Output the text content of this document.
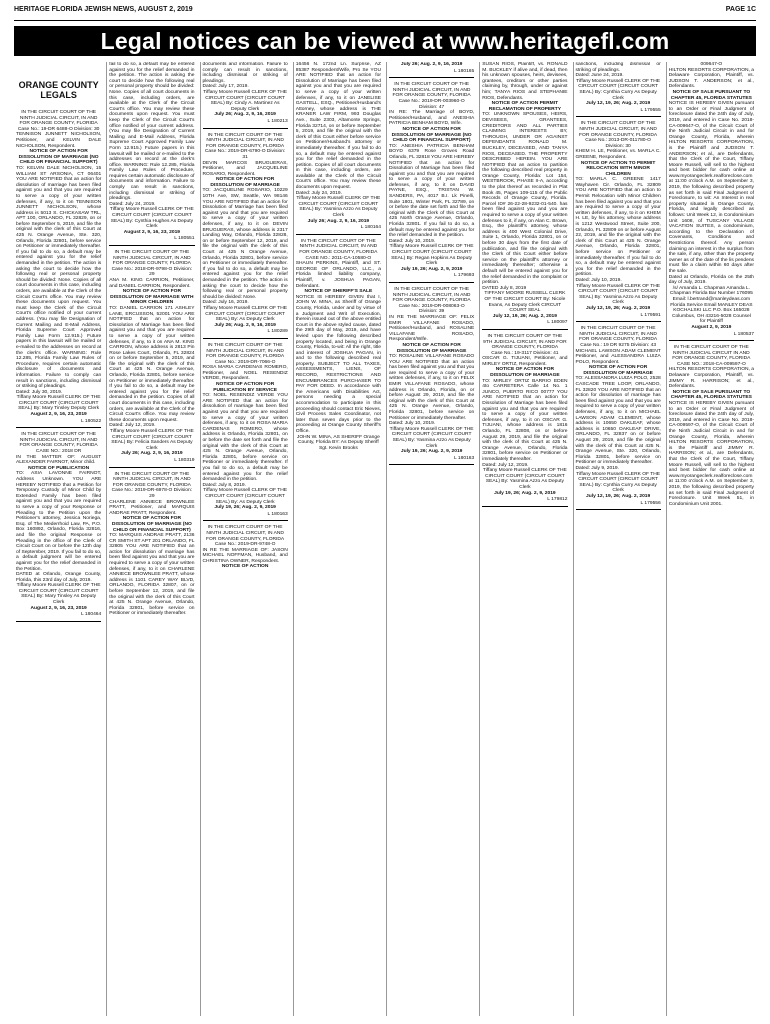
HERITAGE FLORIDA JEWISH NEWS, AUGUST 2, 2019	PAGE 1C
Legal notices can be viewed at www.heritagefl.com
ORANGE COUNTY LEGALS

IN THE CIRCUIT COURT OF THE NINTH JUDICIAL CIRCUIT, IN AND FOR ORANGE COUNTY, FLORIDA

Case No.: 19-DR 6488-O Division: 30

TENNISON JUNNETT NICHOLSON, Petitioner, and KELVIN DALE NICHOLSON, Respondent.

NOTICE OF ACTION FOR DISSOLUTION OF MARRIAGE (NO CHILD OR FINANCIAL SUPPORT)

TO: KELVIN DALE NICHOLSON, 15 WILLIAM ST ARSONIA, CT 06401 YOU ARE NOTIFIED that an action for dissolution of marriage has been filed against you and that you are required to serve a copy of your written defenses, if any, to it on TENNISON JUNNETT NICHOLSON, whose address is 5013 S. CHICKASAW TRL, APT 100, ORLANDO, FL 32829, on or before September 5, 2019, and file the original with the clerk of this Court at 425 N. Orange Avenue, Ste. 320, Orlando, Florida 32801, before service on Petitioner or immediately thereafter. If you fail to do so, a default may be entered against you for the relief demanded in the petition. The action is asking the court to decide how the following real or personal property should be divided: None. Copies of all court documents in this case, including orders, are available at the Clerk of the Circuit Court's office. You may review these documents upon request. You must keep the Clerk of the Circuit Court's office notified of your current address. (You may file Designation of Current Mailing and E-Mail Address, Florida Supreme Court Approved Family Law Form 12.915.) Future papers in this lawsuit will be mailed or e-mailed to the addresses on record at the clerk's office. WARNING: Rule 12.285, Florida Family Law Rules of Procedure, requires certain automatic disclosure of documents and information. Failure to comply can result in sanctions, including dismissal or striking of pleadings.

Dated: July 30, 2019.

Tiffany Moore Russell CLERK OF THE CIRCUIT COURT (CIRCUIT COURT SEAL) By: Mary Tinsley Deputy Clerk

August 2, 9, 16, 23, 2019

L 180522

IN THE CIRCUIT COURT OF THE NINTH JUDICIAL CIRCUIT, IN AND FOR ORANGE COUNTY, FLORIDA

CASE NO.: 2018 DR

IN THE MATTER OF: AUGUST ALEXANDER FAIRNOT, Minor child.

NOTICE OF PUBLICATION

TO: ASIA LAVONNE FAIRNOT, Address Unknown. YOU ARE HEREBY NOTIFIED that a Petition for Temporary Custody of Minor Child by Extended Family has been filed against you and that you are required to serve a copy of your Response or Pleading to the Petition upon the Petitioner's attorney, Jessica Noriega, Esq. of The Mederrhoid Law, PA, P.O. Box 160892, Orlando, Florida 32816, and file the original Response or Pleading in the office of the Clerk of Circuit Court on or before the 12th day of September, 2019. If you fail to do so, a default judgment will be entered against you for the relief demanded in the Petition.

DATED at Orlando, Orange County, Florida, this 23rd day of July, 2019.

Tiffany Moore Russell CLERK OF THE CIRCUIT COURT (CIRCUIT COURT SEAL) By: Mary Tinsley As Deputy Clerk

August 2, 9, 16, 23, 2019

L 180464

fail to do so, a default may be entered against you for the relief demanded in the petition. The action is asking the court to decide how the following real or personal property should be divided: None. Copies of all court documents in this case, including orders, are available at the Clerk of the Circuit Court's office. You may review these documents upon request. You must keep the Clerk of the Circuit Court's office notified of your current address. (You may file Designation of Current Mailing and E-Mail Address, Florida Supreme Court Approved Family Law Form 12.915.) Future papers in this lawsuit will be mailed or e-mailed to the addresses on record at the clerk's office. WARNING: Rule 12.285, Florida Family Law Rules of Procedure, requires certain automatic disclosure of documents and information. Failure to comply can result in sanctions, including dismissal or striking of pleadings.

Dated: July 24, 2019.

Tiffany Moore Russell CLERK OF THE CIRCUIT COURT (CIRCUIT COURT SEAL) By: Cynthia Hughes As Deputy Clerk

August 2, 9, 16, 23, 2019

L 180551

IN THE CIRCUIT COURT OF THE NINTH JUDICIAL CIRCUIT, IN AND FOR ORANGE COUNTY, FLORIDA

Case No.: 2018-DR-9798-O Division: 29

ANA M. KING CARRION, Petitioner, and DANIEL CARRION, Respondent.

NOTICE OF ACTION FOR DISSOLUTION OF MARRIAGE WITH MINOR CHILDREN

TO: DANIEL CARRION 171 ASHLEY LANE, ERCUSSON, 52001 YOU ARE NOTIFIED that an action for Dissolution of Marriage has been filed against you and that you are required to serve a copy of your written defenses, if any, to it on ANA M. KING CARRION, whose address is 2813 Pin Rose Lakes Court, Orlando, FL 32824 on or before September 5, 2019, and file the original with the clerk of this Court at 425 N. Orange Avenue, Orlando, Florida 32801, before service on Petitioner or immediately thereafter. If you fail to do so, a default may be entered against you for the relief demanded in the petition. Copies of all court documents in this case, including orders, are available at the Clerk of the Circuit Court's office. You may review these documents upon request.

Dated: July 12, 2019.

Tiffany Moore Russell CLERK OF THE CIRCUIT COURT (CIRCUIT COURT SEAL) By: Felicia Sanders As Deputy Clerk

July 26; Aug. 2, 9, 16, 2019

L 180319

IN THE CIRCUIT COURT OF THE NINTH JUDICIAL CIRCUIT, IN AND FOR ORANGE COUNTY, FLORIDA

Case No.: 2019-DR-6978-O Division: 29

CHARLENE ANNIECE BROWNLEE PRATT, Petitioner, and MARQUIS ANDRAE PRATT, Respondent.

NOTICE OF ACTION FOR DISSOLUTION OF MARRIAGE (NO CHILD OR FINANCIAL SUPPORT)

TO: MARQUIS ANDRAE PRATT, 2136 CR SMITH ST APT 201 ORLANDO, FL 32805 YOU ARE NOTIFIED that an action for dissolution of marriage has been filed against you and that you are required to serve a copy of your written defenses, if any, to it on CHARLENE ANNIECE BROWNLEE PRATT, whose address is 1101 CAREY WAY BLVD, ORLANDO, FLORIDA 32807, on or before September 12, 2019, and file the original with the clerk of this Court at 425 N. Orange Avenue, Orlando, Florida 32801, before service on Petitioner or immediately thereafter.

documents and information. Failure to comply can result in sanctions, including dismissal or striking of pleadings.

Dated: July 17, 2019.

Tiffany Moore Russell CLERK OF THE CIRCUIT COURT (CIRCUIT COURT SEAL) By: Cindy A. Martinez As Deputy Clerk

July 26; Aug. 2, 9, 16, 2019

L 180213

IN THE CIRCUIT COURT OF THE NINTH JUDICIAL CIRCUIT, IN AND FOR ORANGE COUNTY, FLORIDA

Case No.: 2019-DR-6790-O Division: 31

DEVIN MARCOS BRUGUERAS, Petitioner, and JACQUELINE ROSARIO, Respondent.

NOTICE OF ACTION FOR DISSOLUTION OF MARRIAGE

TO: JACQUELINE ROSARIO, 10229 10TH Ave, SW, Seattle, WA 98146 YOU ARE NOTIFIED that an action for Dissolution of Marriage has been filed against you and that you are required to serve a copy of your written defenses, if any, to it on DEVIN BRUGUERAS, whose address is 2317 Landing Way, Orlando, Florida 32828, on or before September 12, 2019, and file the original with the clerk of this Court at 425 N Orange Avenue, Orlando, Florida 32801, before service on Petitioner or immediately thereafter. If you fail to do so, a default may be entered against you for the relief demanded in the petition. The action is asking the court to decide how the following real or personal property should be divided: None.

Dated: July 16, 2019.

Tiffany Moore Russell CLERK OF THE CIRCUIT COURT (CIRCUIT COURT SEAL) By: As Deputy Clerk

July 26; Aug. 2, 9, 16, 2019

L 180289

IN THE CIRCUIT COURT OF THE NINTH JUDICIAL CIRCUIT, IN AND FOR ORANGE COUNTY, FLORIDA

Case No.: 2019-DR-7066-O

ROSA MARIA CARDENAS ROMERO, Petitioner, and NOEL RESENDIZ VERDE, Respondent.

NOTICE OF ACTION FOR PUBLICATION BY SERVICE

TO: NOEL RESENDIZ VERDE YOU ARE NOTIFIED that an action for dissolution of marriage has been filed against you and that you are required to serve a copy of your written defenses, if any, to it on ROSA MARIA CARDENAS ROMERO, whose address is Orlando, Florida 32801, on or before the date set forth and file the original with the clerk of this Court at 425 N. Orange Avenue, Orlando, Florida 32801, before service on Petitioner or immediately thereafter. If you fail to do so, a default may be entered against you for the relief demanded in the petition.

Dated: July 8, 2019.

Tiffany Moore Russell CLERK OF THE CIRCUIT COURT (CIRCUIT COURT SEAL) By: As Deputy Clerk

July 19, 26; Aug. 2, 9, 2019

L 180163

IN THE CIRCUIT COURT OF THE NINTH JUDICIAL CIRCUIT, IN AND FOR ORANGE COUNTY, FLORIDA

Case No.: 2019-DR-9748-O

IN RE THE MARRIAGE OF: JASON MICHAEL NOFFMAN, Husband, and CHRISTINA OWNER, Respondent.

NOTICE OF ACTION

16456 N. 172nd Ln. Surprise, AZ 85387 Respondent/Wife, Pro Se YOU ARE NOTIFIED that an action for Dissolution of Marriage has been filed against you and that you are required to serve a copy of your written defenses, if any, to it on JANELISE GASTELL, ESQ., Petitioner/Husband's Attorney, whose address is THE KRANER LAW FIRM, 993 Douglas Ave., Suite 2303, Altamonte Springs, Florida 32714, on or before September 5, 2019, and file the original with the clerk of this Court either before service on Petitioner/Husband's attorney or immediately thereafter. If you fail to do so, a default may be entered against you for the relief demanded in the petition. Copies of all court documents in this case, including orders, are available at the Clerk of the Circuit Court's office. You may review these documents upon request.

Dated: July 24, 2019.

Tiffany Moore Russell CLERK OF THE CIRCUIT COURT (CIRCUIT COURT SEAL) By: Yasmina Azzo As Deputy Clerk

July 26; Aug. 2, 9, 16, 2019

L 180164

IN THE CIRCUIT COURT OF THE NINTH JUDICIAL CIRCUIT, IN AND FOR ORANGE COUNTY, FLORIDA

CASE NO.: 2011-CA-10580-O

SHAUN PERKINS, Plaintiff, and ST. GEORGE OF ORLANDO, LLC., a Florida limited liability company, Plaintiff, v. JOSHUA PAGAN, Defendant.

NOTICE OF SHERIFF'S SALE

NOTICE IS HEREBY GIVEN that I, JOHN W. MINA, as Sheriff of Orange County, Florida, under and by virtue of a Judgment and Writ of Execution, therein issued out of the above entitled Court in the above styled cause, dated the 29th day of May, 2019, and have levied upon the following described property located, and being in Orange County, Florida, to-wit: All the right, title and interest of JOSHUA PAGAN, in and to the following described real property. SUBJECT TO ALL TAXES, ASSESSMENTS, LIENS, OF RECORD, RESTRICTIONS AND ENCUMBRANCES PURCHASER TO PAY FOR DEED. In accordance with the Americans with Disabilities Act, persons needing a special accommodation to participate in this proceeding should contact Eric Nieves, Civil Process Sales Coordinator, not later than seven days prior to the proceeding at Orange County Sheriff's Office.

JOHN W. MINA, AS SHERIFF Orange County, Florida BY: As Deputy Sheriff Sgt. Kevin Brooks

July 26; Aug. 2, 9, 16, 2019

L 180165

IN THE CIRCUIT COURT OF THE NINTH JUDICIAL CIRCUIT, IN AND FOR ORANGE COUNTY, FLORIDA

Case No.: 2019-DR-003960-O Division: 47

IN RE: The Marriage of BOYD, Petitioner/Husband, and ANESHIA PATRICIA BENHAM BOYD, Wife.

NOTICE OF ACTION FOR DISSOLUTION OF MARRIAGE (NO CHILD OR FINANCIAL SUPPORT)

TO: ANESHIA PATRICIA BENHAM BOYD 6379 Rose Groves Road Orlando, FL 32818 YOU ARE HEREBY NOTIFIED that an action for Dissolution of Marriage has been filed against you and that you are required to serve a copy of your written defenses, if any, to it on DAVID PAYNE, ESQ., TRISTAN W. SANDERS, PA, 4017 B.I. Lk Pinelli, Suite 1801, Winter Park, FL 32789, on or before the date set forth and file the original with the Clerk of this Court at 425 North Orange Avenue, Orlando, Florida 32801. If you fail to do so, a default may be entered against you for the relief demanded in the petition.

Dated: July 10, 2019.

Tiffany Moore Russell CLERK OF THE CIRCUIT COURT (CIRCUIT COURT SEAL) By: Regan Hopkins As Deputy Clerk

July 19, 26; Aug. 2, 9, 2019

L 179693

IN THE CIRCUIT COURT OF THE NINTH JUDICIAL CIRCUIT, IN AND FOR ORANGE COUNTY, FLORIDA

Case No.: 2019-DR-008063-O Division: 39

IN RE THE MARRIAGE OF: FELIX EMIR VILLAFANE ROSADO, Petitioner/Husband, and ROSALINE VILLAFANE ROSADO, Respondent/Wife.

NOTICE OF ACTION FOR DISSOLUTION OF MARRIAGE

TO: ROSALINE VILLAFANE ROSADO YOU ARE NOTIFIED that an action has been filed against you and that you are required to serve a copy of your written defenses, if any, to it on FELIX EMIR VILLAFANE ROSADO, whose address is Orlando, Florida, on or before August 29, 2019, and file the original with the clerk of this Court at 425 N. Orange Avenue, Orlando, Florida 32801, before service on Petitioner or immediately thereafter.

Dated: July 10, 2019.

Tiffany Moore Russell CLERK OF THE CIRCUIT COURT (CIRCUIT COURT SEAL) By: Yasmina Azzo As Deputy Clerk

July 19, 26; Aug. 2, 9, 2019

L 180163

SUSAN RIOS, Plaintiff, vs. RONALD M. BUCKLEY if alive and, if dead, then his unknown spouses, heirs, devisees, grantees, creditors or other parties claiming by, through, under or against him; TANYA RIOS and STEPHANIE RIOS, Defendants.

NOTICE OF ACTION PERMIT RECLAMATION OF PROPERTY

TO: UNKNOWN SPOUSES, HEIRS, DEVISEES, GRANTEES, CREDITORS AND ALL PARTIES CLAIMING INTERESTS BY, THROUGH, UNDER OR AGAINST DEFENDANTS RONALD M. BUCKLEY, DECEASED, AND TANYA RIOS, DECEASED. THE PROPERTY DESCRIBED HEREIN. YOU ARE NOTIFIED that an action to partition the following described real property in Orange County, Florida: Lot 154, WESTBROOK, PHASE II-A, according to the plat thereof as recorded in Plat Book 45, Pages 109-115 of the Public Records of Orange County, Florida. Parcel ID# 26-22-28-9232-01-540. has been filed against you and you are required to serve a copy of your written defenses to it, if any, on Alan C. Brown, Esq., the plaintiff's attorney, whose address is 400 West Colonial Drive, Suite 1, Orlando, Florida 32801, on or before 30 days from the first date of publication, and file the original with the Clerk of this Court either before service on the plaintiff's attorney or immediately thereafter; otherwise a default will be entered against you for the relief demanded in the complaint or petition.

DATED July 8, 2019

TIFFANY MOORE RUSSELL CLERK OF THE CIRCUIT COURT By: Nicole Evans, As Deputy Clerk CIRCUIT COURT SEAL

July 12, 19, 26; Aug. 2, 2019

L 180097

IN THE CIRCUIT COURT OF THE 9TH JUDICIAL CIRCUIT, IN AND FOR ORANGE COUNTY, FLORIDA

Case No.: 19-3117 Division: 41

OSCAR G. TIJUANI, Petitioner, and MIRLEY ORTIZ, Respondent.

NOTICE OF ACTION FOR DISSOLUTION OF MARRIAGE

TO: MIRLEY ORTIZ BARRIO EDEN 4to CARRETERA Calle 14 No. 1 JUNCO, PUERTO RICO 00777 YOU ARE NOTIFIED that an action for Dissolution of Marriage has been filed against you and that you are required to serve a copy of your written defenses, if any, to it on OSCAR G. TIJUANI, whose address is 1816 Orlando, FL 32808, on or before August 29, 2019, and file the original with the clerk of this Court at 425 N. Orange Avenue, Orlando, Florida 32801, before service on Petitioner or immediately thereafter.

Dated: July 12, 2019.

Tiffany Moore Russell CLERK OF THE CIRCUIT COURT (CIRCUIT COURT SEAL) By: Yasmina Azzo As Deputy Clerk

July 19, 26; Aug. 2, 9, 2019

L 179812

sanctions, including dismissal or striking of pleadings.

Dated: June 24, 2019.

Tiffany Moore Russell CLERK OF THE CIRCUIT COURT (CIRCUIT COURT SEAL) By: Cynthia Curry As Deputy Clerk

July 12, 19, 26; Aug. 2, 2019

L 179555

IN THE CIRCUIT COURT OF THE NINTH JUDICIAL CIRCUIT, IN AND FOR ORANGE COUNTY, FLORIDA

Case No.: 2013-DR-011780-O Division: 30

KHEM H. LE, Petitioner, vs. MARLA C. GREENE, Respondent.

NOTICE OF ACTION TO PERMIT RELOCATION WITH MINOR CHILDREN

TO: MARLA C. GREENE 1417 Wayhaven Cir. Orlando, FL 32809 YOU ARE NOTIFIED that an action to Permit Relocation with Minor Children has been filed against you and that you are required to serve a copy of your written defenses, if any, to it on KHEM H. LE, by his attorney, whose address is 1212 Westwood Street, Suite 200, Orlando, FL 32809 on or before August 22, 2019, and file the original with the clerk of this Court at 425 N. Orange Avenue, Orlando, Florida 32801, before service on Petitioner or immediately thereafter. If you fail to do so, a default may be entered against you for the relief demanded in the petition.

Dated: July 10, 2019.

Tiffany Moore Russell CLERK OF THE CIRCUIT COURT (CIRCUIT COURT SEAL) By: Yasmina Azzo As Deputy Clerk

July 12, 19, 26; Aug. 2, 2019

L 179591

IN THE CIRCUIT COURT OF THE NINTH JUDICIAL CIRCUIT, IN AND FOR ORANGE COUNTY, FLORIDA

Case No.: 19 DR 9275 Division: 43

MICHAEL LAWSON ADAM CLEMENT Petitioner, and ALESSANDRA LUIZA POLO, Respondent.

NOTICE OF ACTION FOR DISSOLUTION OF MARRIAGE

TO: ALESSANDRA LUIZA POLO, 2528 CASCADE TREE LOOP, ORLANDO, FL 32820 YOU ARE NOTIFIED that an action for dissolution of marriage has been filed against you and that you are required to serve a copy of your written defenses, if any, to it on MICHAEL LAWSON ADAM CLEMENT, whose address is 10650 OAKLEAF, whose address is 10650 OAKLEAF DRIVE, ORLANDO, FL 32837 on or before August 29, 2019, and file the original with the clerk of this Court at 425 N. Orange Avenue, Ste. 320, Orlando, Florida 32801, before service on Petitioner or immediately thereafter.

Dated: July 9, 2019.

Tiffany Moore Russell CLERK OF THE CIRCUIT COURT (CIRCUIT COURT SEAL) By: Cynthia Curry As Deputy Clerk

July 12, 19, 26; Aug. 2, 2019

L 179556

009647-O

HILTON RESORTS CORPORATION, a Delaware Corporation, Plaintiff, vs. JUDSON T. ANDERSON; et al., Defendants.

NOTICE OF SALE PURSUANT TO CHAPTER 45, FLORIDA STATUTES

NOTICE IS HEREBY GIVEN pursuant to an Order or Final Judgment of foreclosure dated the 24th day of July, 2019, and entered in Case No. 2018-CA-009647-O, of the Circuit Court of the Ninth Judicial Circuit in and for Orange County, Florida, wherein HILTON RESORTS CORPORATION, is the Plaintiff and JUDSON T. ANDERSON; et al., are Defendants, that the Clerk of the Court, Tiffany Moore Russell, will sell to the highest and best bidder for cash online at www.myorangeclerk.realforeclose.com at 11:00 o'clock A.M. on September 3, 2019, the following described property as set forth in said Final Judgment of Foreclosure, to wit: An Interest in real property situated in Orange County, Florida, and legally described as follows: Unit Week 12, in Condominium Unit 1608, of TUSCANY VILLAGE VACATION SUITES, a condominium, according to the Declaration of Covenants, Conditions and Restrictions thereof. Any person claiming an interest in the surplus from the sale, if any, other than the property owner as of the date of the lis pendens must file a claim within 60 days after the sale.

Dated at Orlando, Florida on the 25th day of July, 2019.

/s/ Amanda L. Chapman Amanda L. Chapman Florida Bar Number 176095 Email: l.bertrand@manleydeas.com Florida Service Email MANLEY DEAS KOCHALSKI LLC P.O. Box 165028 Columbus, OH 43216-5028 Counsel for Plaintiff

August 2, 9, 2019

L 180537

IN THE CIRCUIT COURT OF THE NINTH JUDICIAL CIRCUIT IN AND FOR ORANGE COUNTY, FLORIDA

CASE NO.: 2018-CA-009597-O

HILTON RESORTS CORPORATION, a Delaware Corporation, Plaintiff, vs. JIMMY R. HARRISON; et al., Defendants.

NOTICE OF SALE PURSUANT TO CHAPTER 45, FLORIDA STATUTES

NOTICE IS HEREBY GIVEN pursuant to an Order or Final Judgment of foreclosure dated the 24th day of July, 2019, and entered in Case No. 2018-CA-009597-O, of the Circuit Court of the Ninth Judicial Circuit in and for Orange County, Florida, wherein HILTON RESORTS CORPORATION, is the Plaintiff and JIMMY R. HARRISON; et al., are Defendants, that the Clerk of the Court, Tiffany Moore Russell, will sell to the highest and best bidder for cash online at www.myorangeclerk.realforeclose.com at 11:00 o'clock A.M. on September 3, 2019, the following described property as set forth in said Final Judgment of Foreclosure. Unit Week 51, in Condominium Unit 2001.
